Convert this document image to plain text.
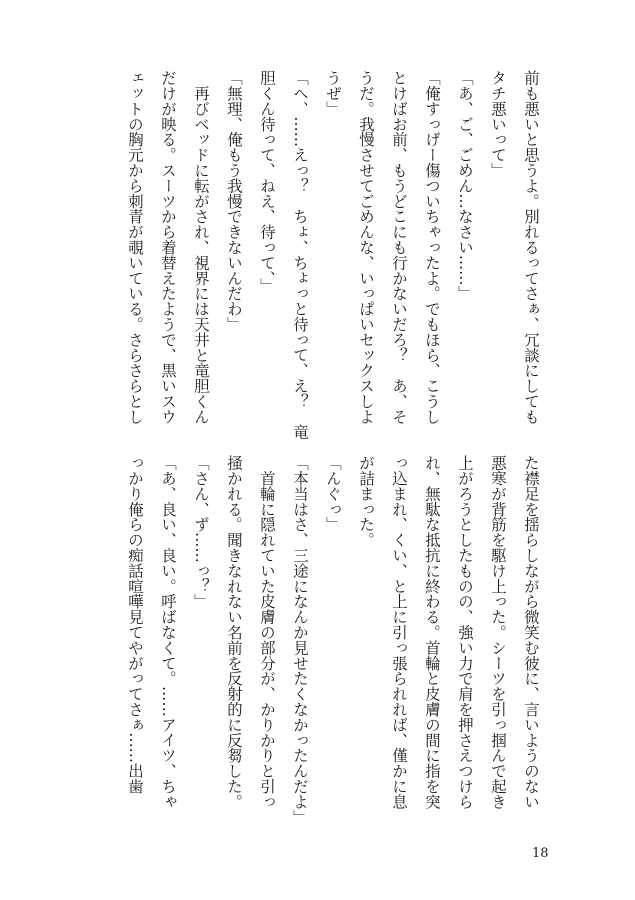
前も悪いと思うよ。別れるってさぁ、冗談にしても

タチ悪いって」

「あ、ご、ごめん…なさい……」

「俺すっげー傷ついちゃったよ。でもほら、こうし

とけばお前、もうどこにも行かないだろ？　あ、そ

うだ。我慢させてごめんな、いっぱいセックスしよ

うぜ」

「へ、……えっ？　ちょ、ちょっと待って、え？　竜

胆くん待って、ねえ、待って、」

「無理、俺もう我慢できないんだわ」

　再びベッドに転がされ、視界には天井と竜胆くん

だけが映る。スーツから着替えたようで、黒いスウ

ェットの胸元から刺青が覗いている。さらさらとし

た襟足を揺らしながら微笑む彼に、言いようのない

悪寒が背筋を駆け上った。シーツを引っ掴んで起き

上がろうとしたものの、強い力で肩を押さえつけら

れ、無駄な抵抗に終わる。首輪と皮膚の間に指を突

っ込まれ、くい、と上に引っ張られれば、僅かに息

が詰まった。

「んぐっ」

「本当はさ、三途になんか見せたくなかったんだよ」

　首輪に隠れていた皮膚の部分が、かりかりと引っ

掻かれる。聞きなれない名前を反射的に反芻した。

「さん、ず……っ？」

「あ、良い、良い。呼ばなくて。……アイツ、ちゃ

っかり俺らの痴話喧嘩見てやがってさぁ……出歯

18
